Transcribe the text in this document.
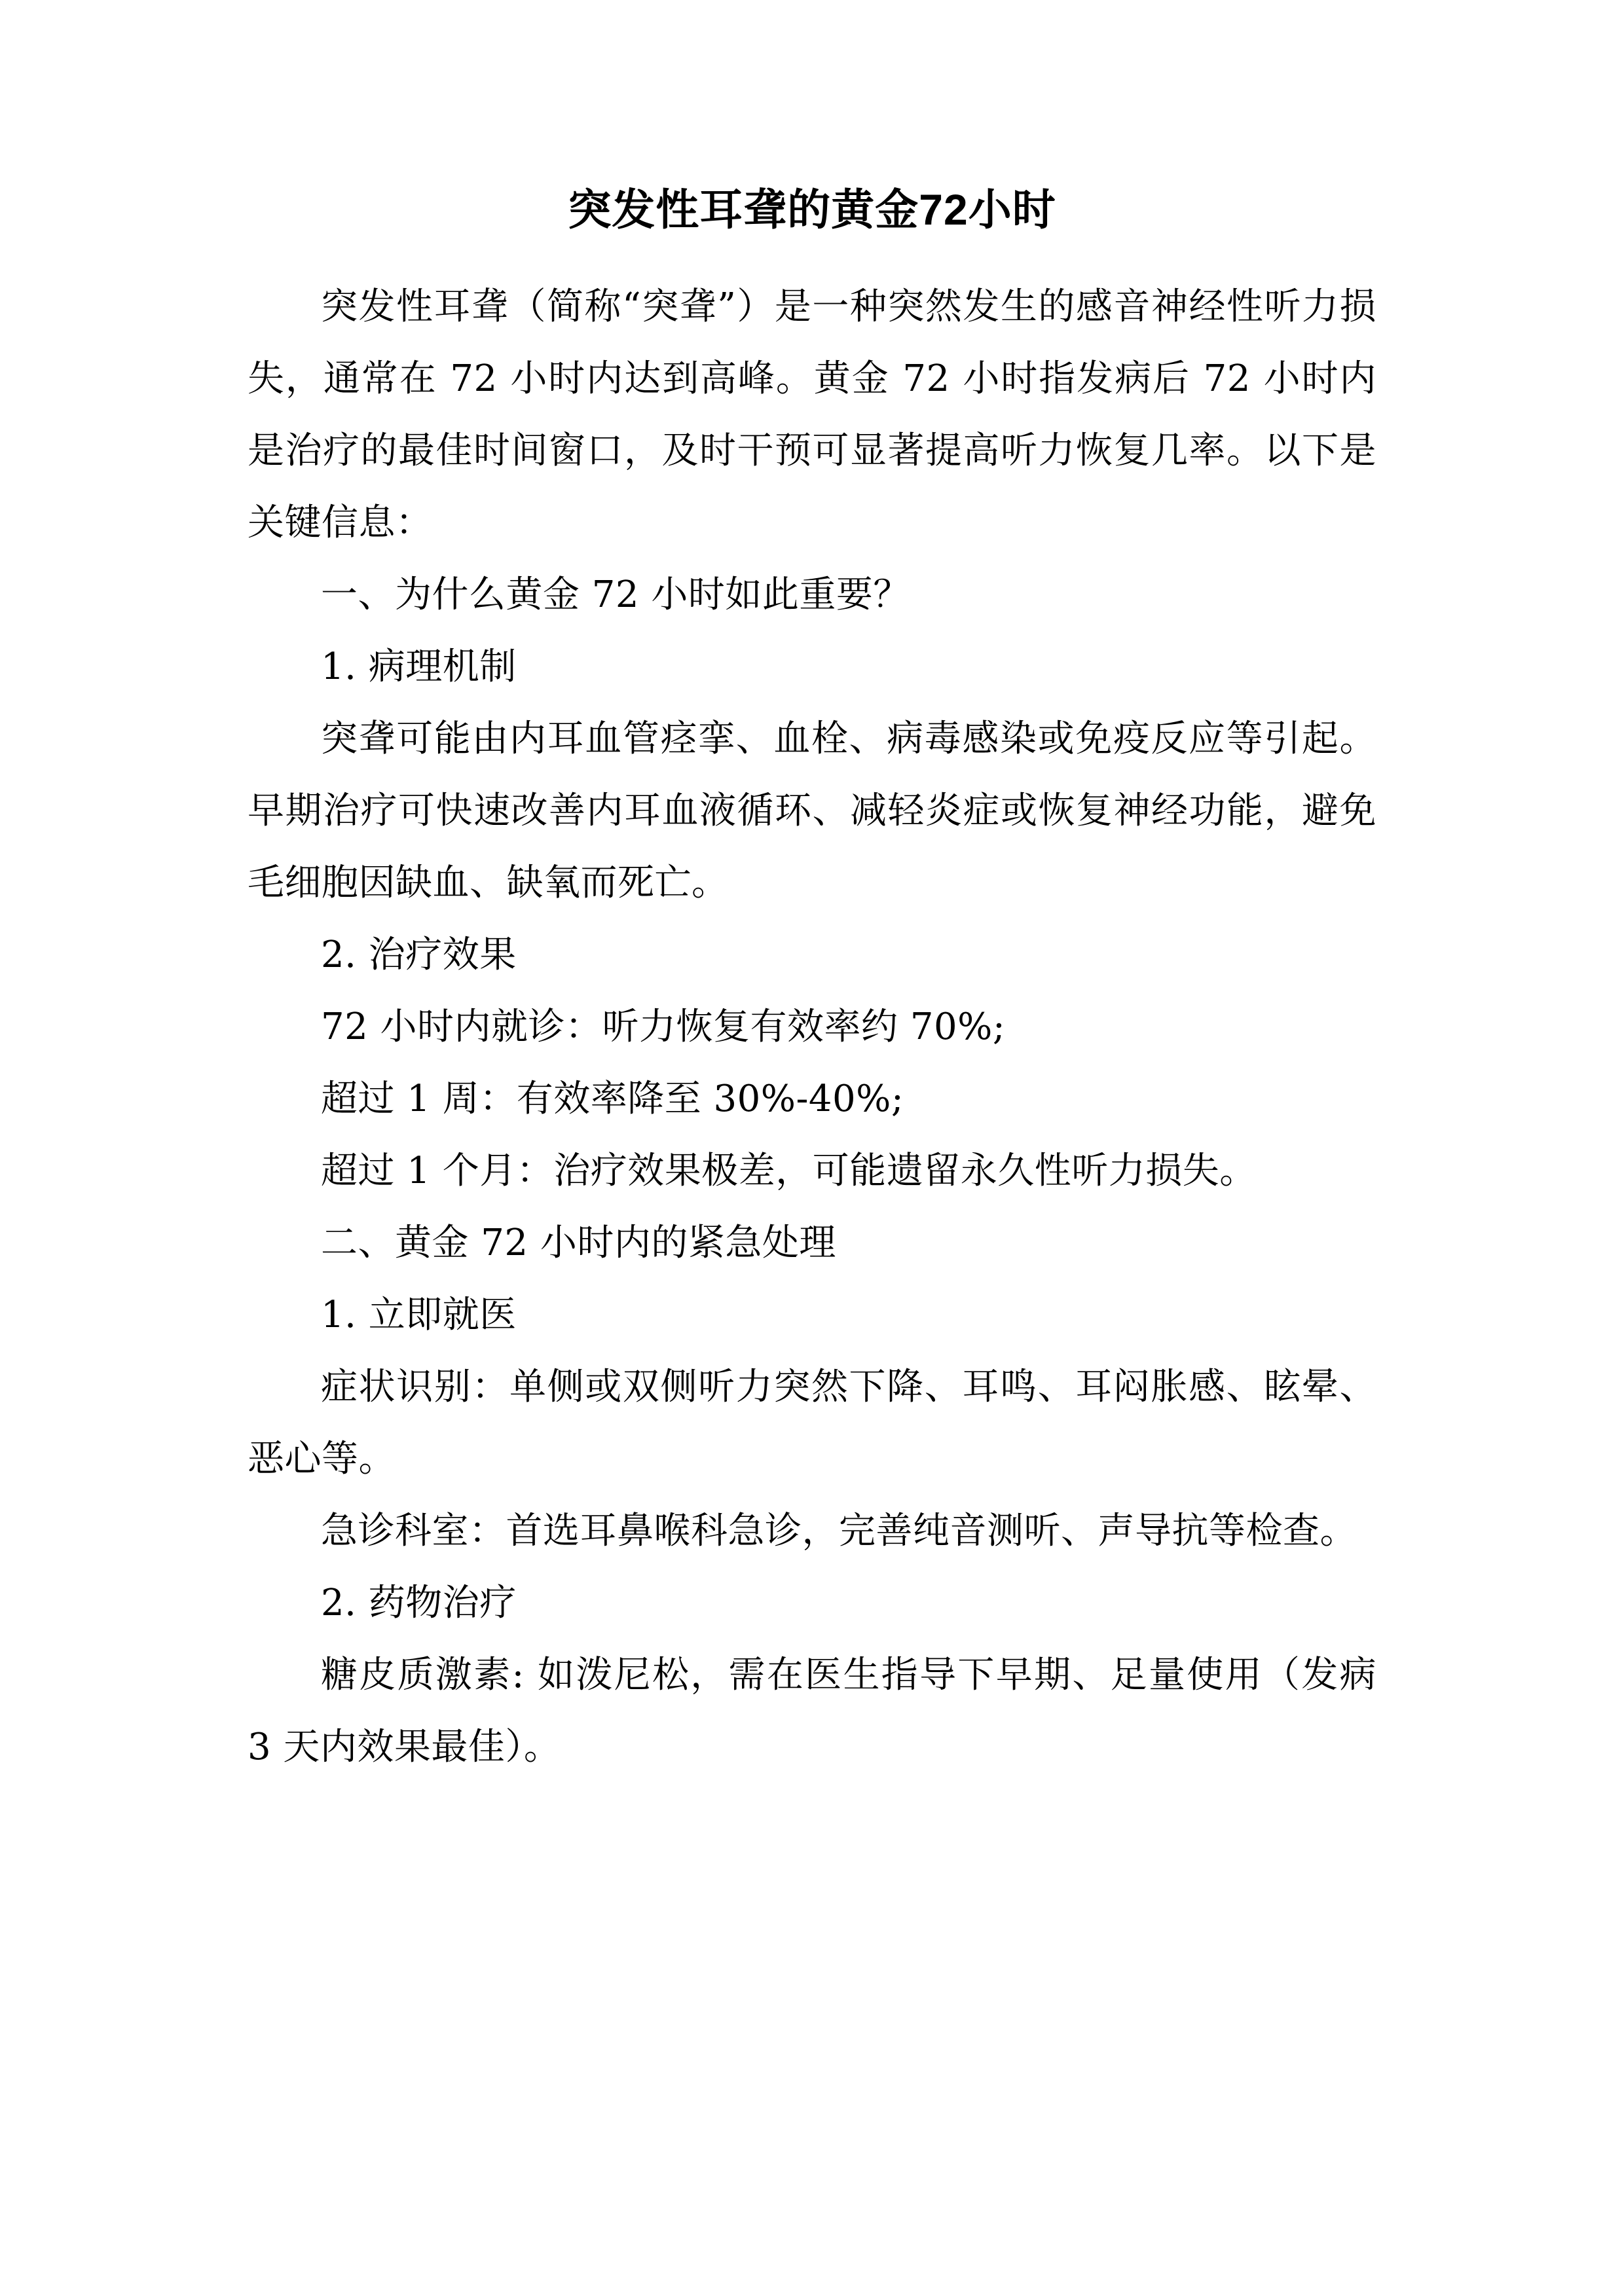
突发性耳聋的黄金72小时

突发性耳聋（简称“突聋”）是一种突然发生的感音神经性听力损失，通常在 72 小时内达到高峰。黄金 72 小时指发病后 72 小时内是治疗的最佳时间窗口，及时干预可显著提高听力恢复几率。以下是关键信息：

一、为什么黄金 72 小时如此重要？

1. 病理机制

突聋可能由内耳血管痉挛、血栓、病毒感染或免疫反应等引起。早期治疗可快速改善内耳血液循环、减轻炎症或恢复神经功能，避免毛细胞因缺血、缺氧而死亡。

2. 治疗效果

72 小时内就诊：听力恢复有效率约 70%;

超过 1 周：有效率降至 30%-40%;

超过 1 个月：治疗效果极差，可能遗留永久性听力损失。

二、黄金 72 小时内的紧急处理

1. 立即就医

症状识别：单侧或双侧听力突然下降、耳鸣、耳闷胀感、眩晕、恶心等。

急诊科室：首选耳鼻喉科急诊，完善纯音测听、声导抗等检查。

2. 药物治疗

糖皮质激素: 如泼尼松，需在医生指导下早期、足量使用（发病 3 天内效果最佳）。
